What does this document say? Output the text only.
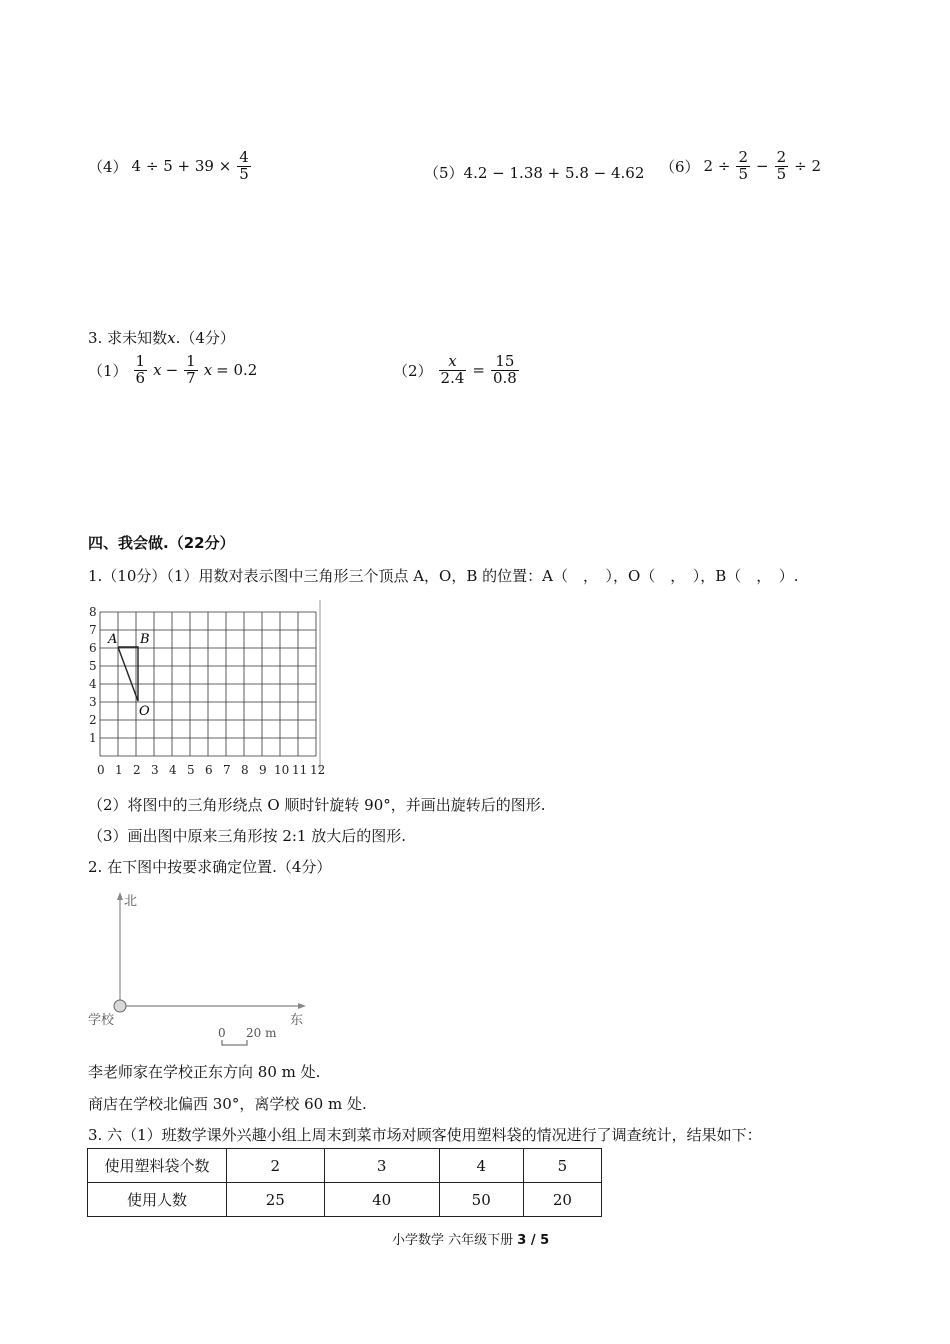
（4） $4 \div 5 + 39 \times \frac{4}{5}$	（5）4.2 − 1.38 + 5.8 − 4.62 （6） $2 \div \frac{2}{5} - \frac{2}{5} \div 2$
3. 求未知数x.（4分）
$(1) \frac{1}{6}$ $x - \frac{1}{7}$ x = 0.2	$(2) \frac{x}{2.4} = \frac{15}{0.8}$
四、我会做.（22分）
1.（10分）（1）用数对表示图中三角形三个顶点 A，O，B 的位置：A（　，　），O（　，　），B（　，　）.
8
7
6
5
4
3
2
1
0 1 2 3 4 5 6 7 8 9 10 11 12
A B
O
（2）将图中的三角形绕点 O 顺时针旋转 90°，并画出旋转后的图形.
（3）画出图中原来三角形按 2:1 放大后的图形.
2. 在下图中按要求确定位置.（4分）
北
东
学校
0 20 m
李老师家在学校正东方向 80 m 处.
商店在学校北偏西 30°，离学校 60 m 处.
3. 六（1）班数学课外兴趣小组上周末到菜市场对顾客使用塑料袋的情况进行了调查统计，结果如下：
使用塑料袋个数	2	3	4	5
使用人数	25	40	50	20
小学数学 六年级下册 3 / 5
